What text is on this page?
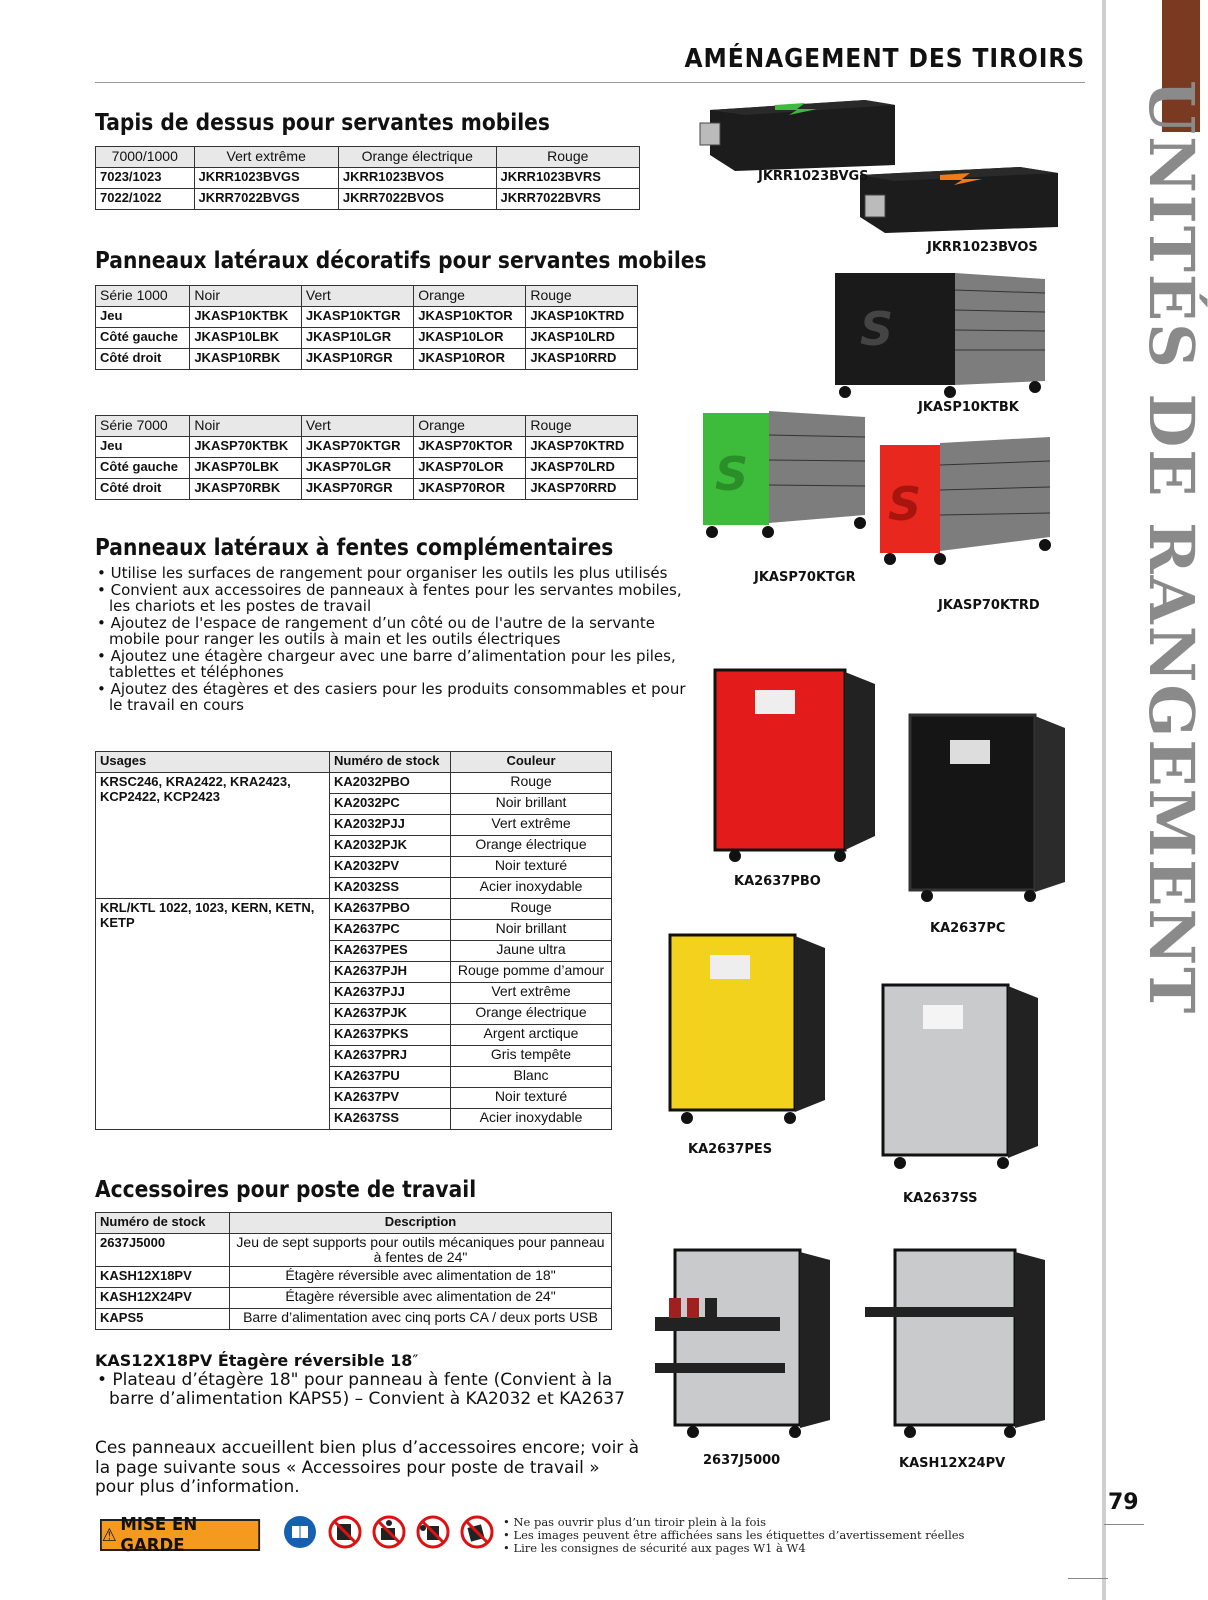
AMÉNAGEMENT DES TIROIRS
UNITÉS DE RANGEMENT
79
Tapis de dessus pour servantes mobiles
7000/1000	Vert extrême	Orange électrique	Rouge
7023/1023	JKRR1023BVGS	JKRR1023BVOS	JKRR1023BVRS
7022/1022	JKRR7022BVGS	JKRR7022BVOS	JKRR7022BVRS
Panneaux latéraux décoratifs pour servantes mobiles
Série 1000	Noir	Vert	Orange	Rouge
Jeu	JKASP10KTBK	JKASP10KTGR	JKASP10KTOR	JKASP10KTRD
Côté gauche	JKASP10LBK	JKASP10LGR	JKASP10LOR	JKASP10LRD
Côté droit	JKASP10RBK	JKASP10RGR	JKASP10ROR	JKASP10RRD
Série 7000	Noir	Vert	Orange	Rouge
Jeu	JKASP70KTBK	JKASP70KTGR	JKASP70KTOR	JKASP70KTRD
Côté gauche	JKASP70LBK	JKASP70LGR	JKASP70LOR	JKASP70LRD
Côté droit	JKASP70RBK	JKASP70RGR	JKASP70ROR	JKASP70RRD
Panneaux latéraux à fentes complémentaires
• Utilise les surfaces de rangement pour organiser les outils les plus utilisés
• Convient aux accessoires de panneaux à fentes pour les servantes mobiles, les chariots et les postes de travail
• Ajoutez de l'espace de rangement d’un côté ou de l'autre de la servante mobile pour ranger les outils à main et les outils électriques
• Ajoutez une étagère chargeur avec une barre d’alimentation pour les piles, tablettes et téléphones
• Ajoutez des étagères et des casiers pour les produits consommables et pour le travail en cours
Usages	Numéro de stock	Couleur
KRSC246, KRA2422, KRA2423, KCP2422, KCP2423	KA2032PBO	Rouge
	KA2032PC	Noir brillant
	KA2032PJJ	Vert extrême
	KA2032PJK	Orange électrique
	KA2032PV	Noir texturé
	KA2032SS	Acier inoxydable
KRL/KTL 1022, 1023, KERN, KETN, KETP	KA2637PBO	Rouge
	KA2637PC	Noir brillant
	KA2637PES	Jaune ultra
	KA2637PJH	Rouge pomme d’amour
	KA2637PJJ	Vert extrême
	KA2637PJK	Orange électrique
	KA2637PKS	Argent arctique
	KA2637PRJ	Gris tempête
	KA2637PU	Blanc
	KA2637PV	Noir texturé
	KA2637SS	Acier inoxydable
Accessoires pour poste de travail
Numéro de stock	Description
2637J5000	Jeu de sept supports pour outils mécaniques pour panneau à fentes de 24"
KASH12X18PV	Étagère réversible avec alimentation de 18"
KASH12X24PV	Étagère réversible avec alimentation de 24"
KAPS5	Barre d’alimentation avec cinq ports CA / deux ports USB
KAS12X18PV Étagère réversible 18″
• Plateau d’étagère 18" pour panneau à fente (Convient à la barre d’alimentation KAPS5) – Convient à KA2032 et KA2637
Ces panneaux accueillent bien plus d’accessoires encore; voir à la page suivante sous « Accessoires pour poste de travail » pour plus d’information.
S
S
S
JKRR1023BVGS
JKRR1023BVOS
JKASP10KTBK
JKASP70KTGR
JKASP70KTRD
KA2637PBO
KA2637PC
KA2637PES
KA2637SS
2637J5000	KASH12X24PV
⚠ MISE EN GARDE
• Ne pas ouvrir plus d’un tiroir plein à la fois
• Les images peuvent être affichées sans les étiquettes d’avertissement réelles
• Lire les consignes de sécurité aux pages W1 à W4
